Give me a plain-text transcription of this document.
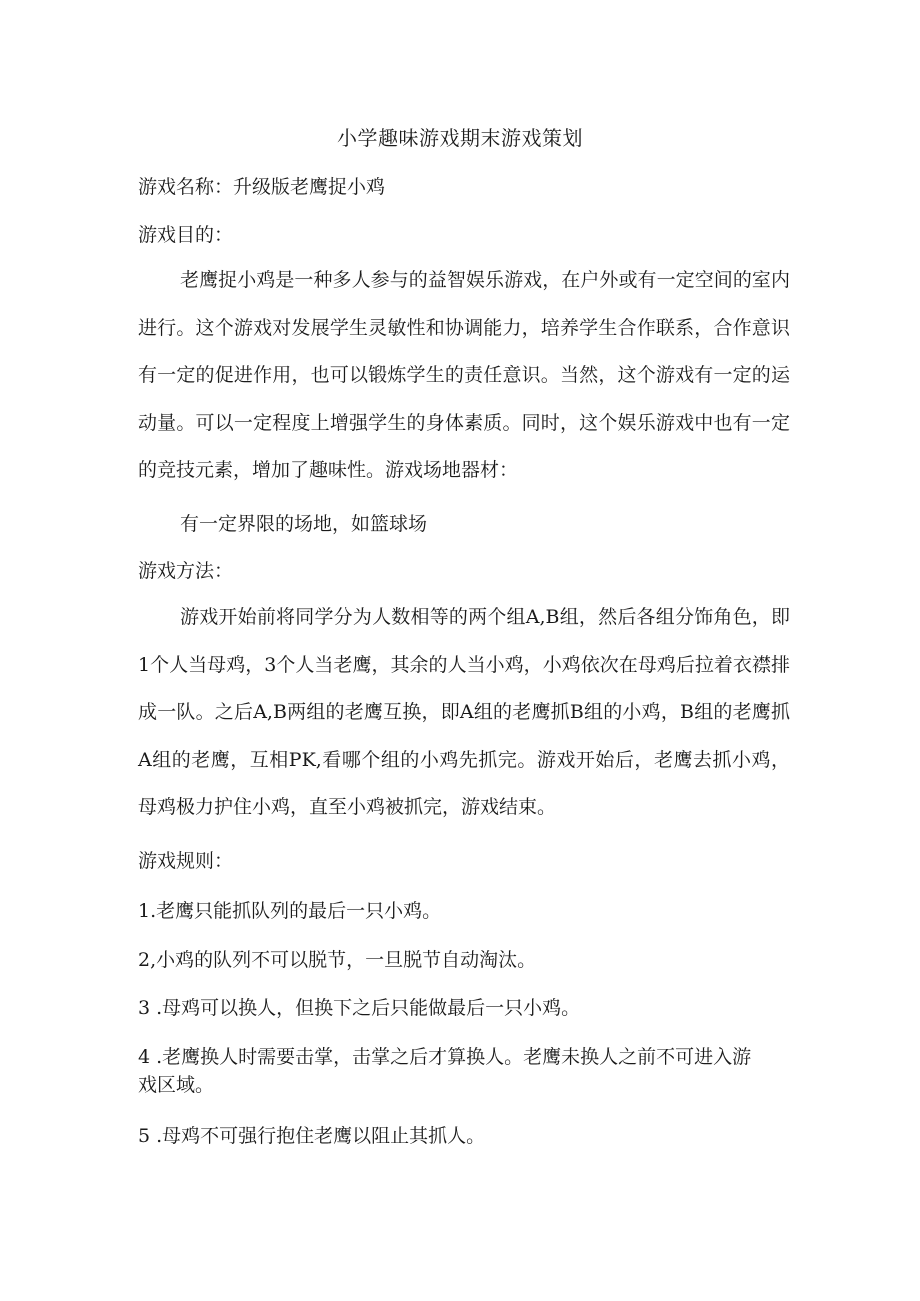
小学趣味游戏期末游戏策划
游戏名称：升级版老鹰捉小鸡
游戏目的：

老鹰捉小鸡是一种多人参与的益智娱乐游戏，在户外或有一定空间的室内进行。这个游戏对发展学生灵敏性和协调能力，培养学生合作联系，合作意识有一定的促进作用，也可以锻炼学生的责任意识。当然，这个游戏有一定的运动量。可以一定程度上增强学生的身体素质。同时，这个娱乐游戏中也有一定的竞技元素，增加了趣味性。游戏场地器材：

有一定界限的场地，如篮球场
游戏方法：

游戏开始前将同学分为人数相等的两个组A,B组，然后各组分饰角色，即1个人当母鸡，3个人当老鹰，其余的人当小鸡，小鸡依次在母鸡后拉着衣襟排成一队。之后A,B两组的老鹰互换，即A组的老鹰抓B组的小鸡，B组的老鹰抓A组的老鹰，互相PK,看哪个组的小鸡先抓完。游戏开始后，老鹰去抓小鸡，母鸡极力护住小鸡，直至小鸡被抓完，游戏结束。

游戏规则：

1.老鹰只能抓队列的最后一只小鸡。

2,小鸡的队列不可以脱节，一旦脱节自动淘汰。

3 .母鸡可以换人，但换下之后只能做最后一只小鸡。

4 .老鹰换人时需要击掌，击掌之后才算换人。老鹰未换人之前不可进入游戏区域。

5 .母鸡不可强行抱住老鹰以阻止其抓人。
